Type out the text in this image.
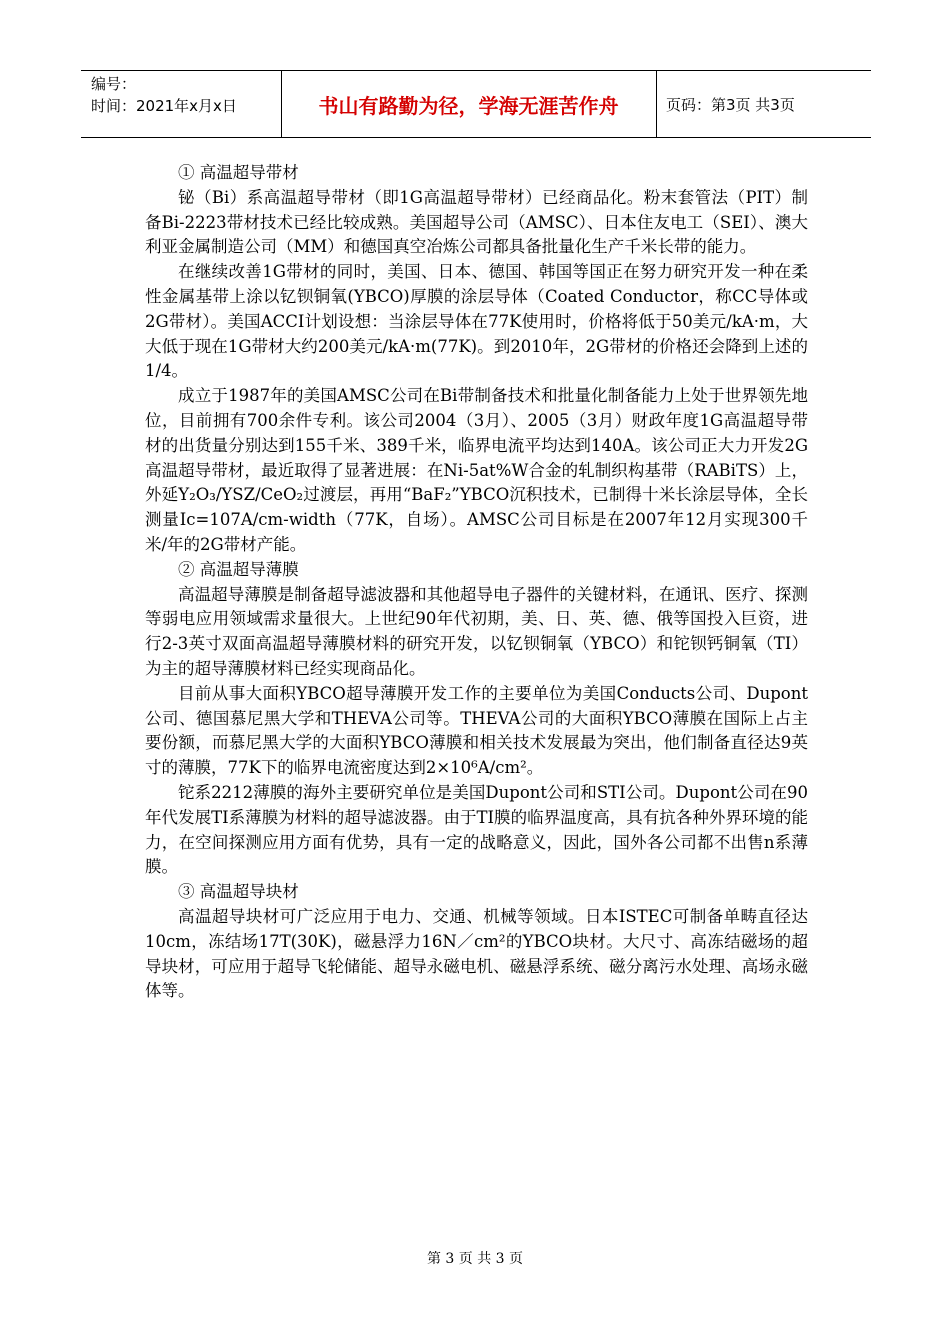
编号：
时间：2021年x月x日	书山有路勤为径，学海无涯苦作舟	页码：第3页 共3页

① 高温超导带材

铋（Bi）系高温超导带材（即1G高温超导带材）已经商品化。粉末套管法（PIT）制备Bi-2223带材技术已经比较成熟。美国超导公司（AMSC）、日本住友电工（SEI）、澳大利亚金属制造公司（MM）和德国真空冶炼公司都具备批量化生产千米长带的能力。

在继续改善1G带材的同时，美国、日本、德国、韩国等国正在努力研究开发一种在柔性金属基带上涂以钇钡铜氧(YBCO)厚膜的涂层导体（Coated Conductor，称CC导体或2G带材）。美国ACCI计划设想：当涂层导体在77K使用时，价格将低于50美元/kA·m，大大低于现在1G带材大约200美元/kA·m(77K)。到2010年，2G带材的价格还会降到上述的1/4。

成立于1987年的美国AMSC公司在Bi带制备技术和批量化制备能力上处于世界领先地位，目前拥有700余件专利。该公司2004（3月）、2005（3月）财政年度1G高温超导带材的出货量分别达到155千米、389千米，临界电流平均达到140A。该公司正大力开发2G高温超导带材，最近取得了显著进展：在Ni-5at%W合金的轧制织构基带（RABiTS）上，外延Y₂O₃/YSZ/CeO₂过渡层，再用“BaF₂”YBCO沉积技术，已制得十米长涂层导体，全长测量Ic=107A/cm-width（77K，自场）。AMSC公司目标是在2007年12月实现300千米/年的2G带材产能。

② 高温超导薄膜

高温超导薄膜是制备超导滤波器和其他超导电子器件的关键材料，在通讯、医疗、探测等弱电应用领域需求量很大。上世纪90年代初期，美、日、英、德、俄等国投入巨资，进行2-3英寸双面高温超导薄膜材料的研究开发，以钇钡铜氧（YBCO）和铊钡钙铜氧（TI）为主的超导薄膜材料已经实现商品化。

目前从事大面积YBCO超导薄膜开发工作的主要单位为美国Conducts公司、Dupont公司、德国慕尼黑大学和THEVA公司等。THEVA公司的大面积YBCO薄膜在国际上占主要份额，而慕尼黑大学的大面积YBCO薄膜和相关技术发展最为突出，他们制备直径达9英寸的薄膜，77K下的临界电流密度达到2×10⁶A/cm²。

铊系2212薄膜的海外主要研究单位是美国Dupont公司和STI公司。Dupont公司在90年代发展TI系薄膜为材料的超导滤波器。由于TI膜的临界温度高，具有抗各种外界环境的能力，在空间探测应用方面有优势，具有一定的战略意义，因此，国外各公司都不出售n系薄膜。

③ 高温超导块材

高温超导块材可广泛应用于电力、交通、机械等领域。日本ISTEC可制备单畴直径达10cm，冻结场17T(30K)，磁悬浮力16N／cm²的YBCO块材。大尺寸、高冻结磁场的超导块材，可应用于超导飞轮储能、超导永磁电机、磁悬浮系统、磁分离污水处理、高场永磁体等。

第 3 页 共 3 页
